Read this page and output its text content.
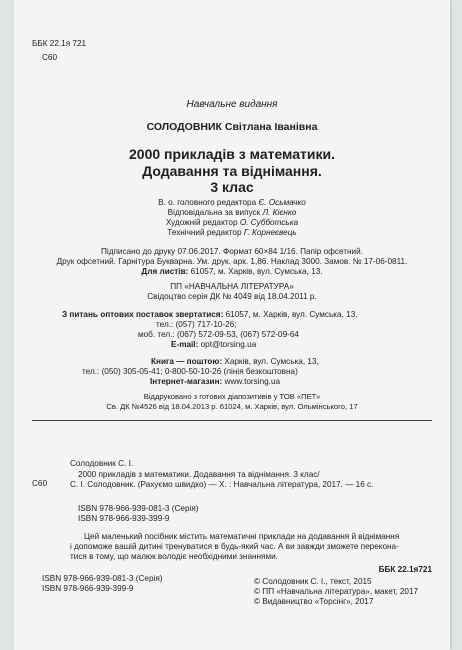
ББК 22.1я 721
С60
Навчальне видання
СОЛОДОВНИК Світлана Іванівна
2000 прикладів з математики.
Додавання та віднімання.
3 клас
В. о. головного редактора Є. Осьмачко
Відповідальна за випуск Л. Кієнко
Художній редактор О. Субботська
Технічний редактор Г. Корнеєвець
Підписано до друку 07.06.2017. Формат 60×84 1/16. Папір офсетний.
Друк офсетний. Гарнітура Букварна. Ум. друк. арк. 1,86. Наклад 3000. Замов. № 17-06-0811.
Для листів: 61057, м. Харків, вул. Сумська, 13.
ПП «НАВЧАЛЬНА ЛІТЕРАТУРА»
Свідоцтво серія ДК № 4049 від 18.04.2011 р.
З питань оптових поставок звертатися: 61057, м. Харків, вул. Сумська, 13,
тел.: (057) 717-10-26;
моб. тел.: (067) 572-09-53, (067) 572-09-64
E-mail: opt@torsing.ua
Книга — поштою: Харків, вул. Сумська, 13,
тел.: (050) 305-05-41; 0-800-50-10-26 (лінія безкоштовна)
Інтернет-магазин: www.torsing.ua
Віддруковано з готових діапозитивів у ТОВ «ПЕТ»
Св. ДК №4526 від 18.04.2013 р. 61024, м. Харків, вул. Ольмінського, 17
Солодовник С. І.
С60
2000 прикладів з математики. Додавання та віднімання. 3 клас/
С. І. Солодовник. (Рахуємо швидко) — Х. : Навчальна література, 2017. — 16 с.
ISBN 978-966-939-081-3 (Серія)
ISBN 978-966-939-399-9
Цей маленький посібник містить математичні приклади на додавання й віднімання
і допоможе вашій дитині тренуватися в будь-який час. А ви завжди зможете переконa-
тися в тому, що малюк володіє необхідними знаннями.
ББК 22.1я721
ISBN 978-966-939-081-3 (Серія)
ISBN 978-966-939-399-9
© Солодовник С. І., текст, 2015
© ПП «Навчальна література», макет, 2017
© Видавництво «Торсінг», 2017
